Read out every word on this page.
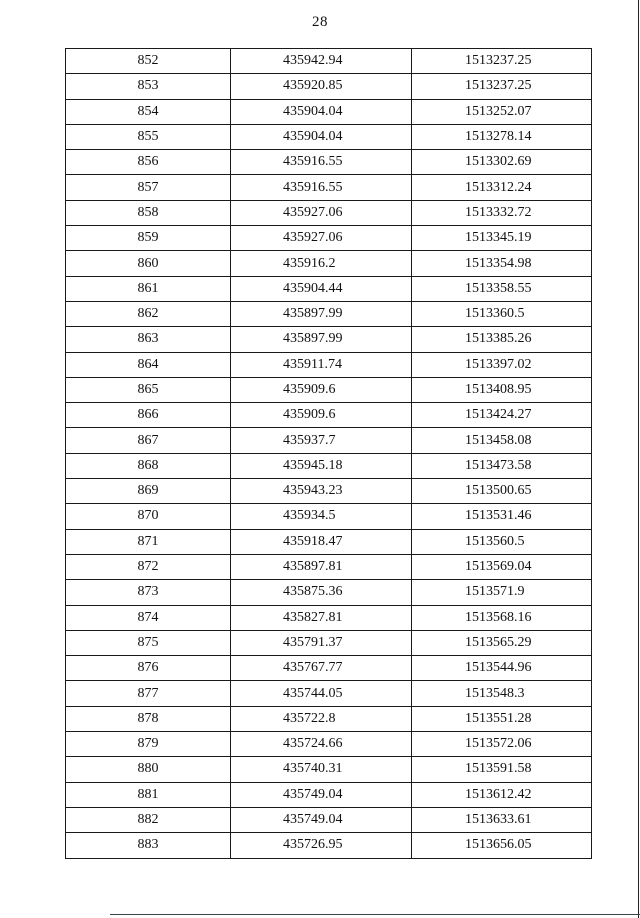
28
852	435942.94	1513237.25
853	435920.85	1513237.25
854	435904.04	1513252.07
855	435904.04	1513278.14
856	435916.55	1513302.69
857	435916.55	1513312.24
858	435927.06	1513332.72
859	435927.06	1513345.19
860	435916.2	1513354.98
861	435904.44	1513358.55
862	435897.99	1513360.5
863	435897.99	1513385.26
864	435911.74	1513397.02
865	435909.6	1513408.95
866	435909.6	1513424.27
867	435937.7	1513458.08
868	435945.18	1513473.58
869	435943.23	1513500.65
870	435934.5	1513531.46
871	435918.47	1513560.5
872	435897.81	1513569.04
873	435875.36	1513571.9
874	435827.81	1513568.16
875	435791.37	1513565.29
876	435767.77	1513544.96
877	435744.05	1513548.3
878	435722.8	1513551.28
879	435724.66	1513572.06
880	435740.31	1513591.58
881	435749.04	1513612.42
882	435749.04	1513633.61
883	435726.95	1513656.05
